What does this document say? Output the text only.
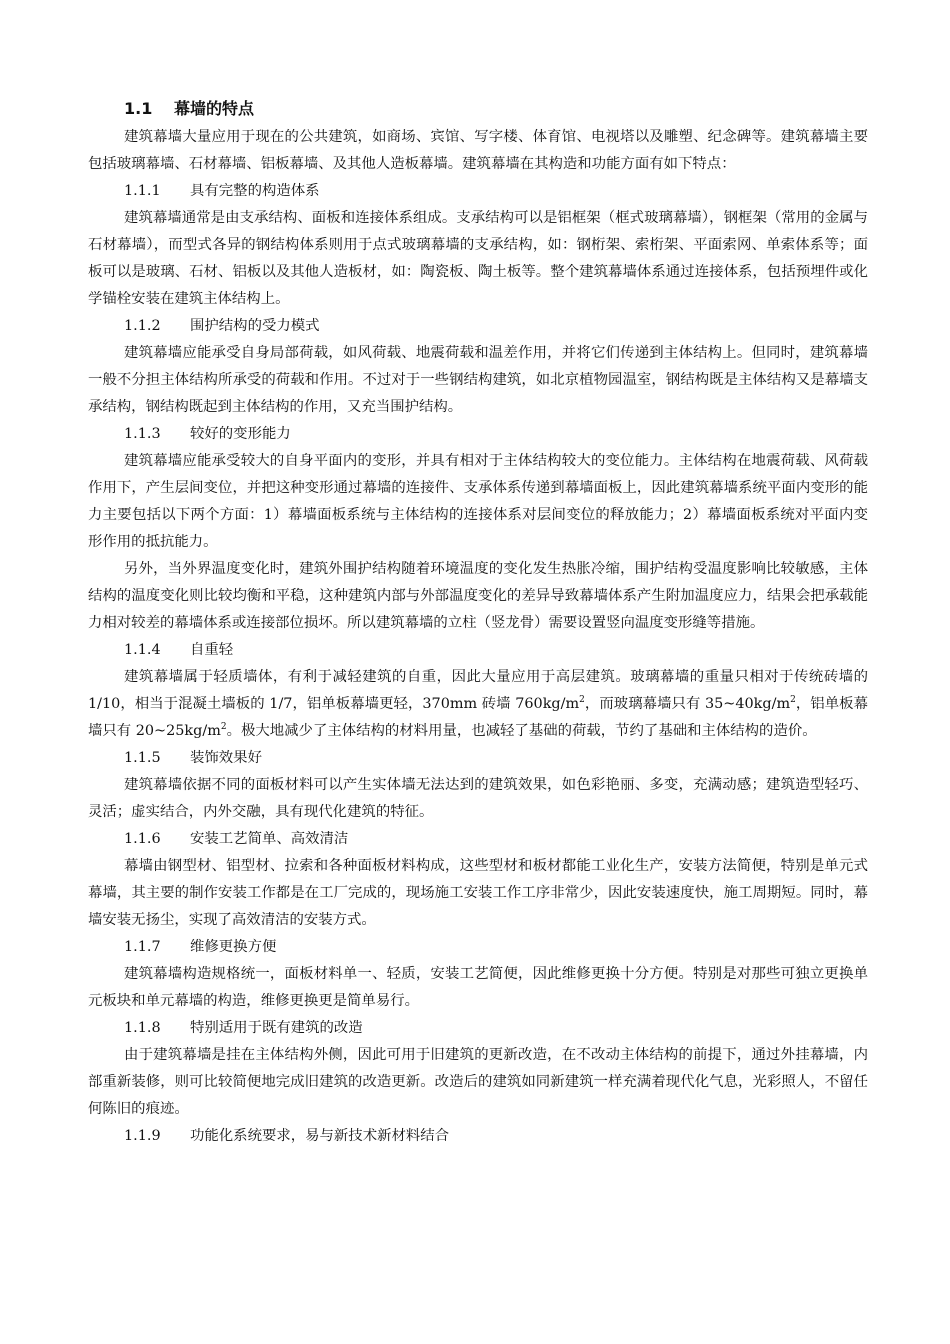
1.1 幕墙的特点

建筑幕墙大量应用于现在的公共建筑，如商场、宾馆、写字楼、体育馆、电视塔以及雕塑、纪念碑等。建筑幕墙主要包括玻璃幕墙、石材幕墙、铝板幕墙、及其他人造板幕墙。建筑幕墙在其构造和功能方面有如下特点：

1.1.1 具有完整的构造体系

建筑幕墙通常是由支承结构、面板和连接体系组成。支承结构可以是铝框架（框式玻璃幕墙），钢框架（常用的金属与石材幕墙），而型式各异的钢结构体系则用于点式玻璃幕墙的支承结构，如：钢桁架、索桁架、平面索网、单索体系等；面板可以是玻璃、石材、铝板以及其他人造板材，如：陶瓷板、陶土板等。整个建筑幕墙体系通过连接体系，包括预埋件或化学锚栓安装在建筑主体结构上。

1.1.2 围护结构的受力模式

建筑幕墙应能承受自身局部荷载，如风荷载、地震荷载和温差作用，并将它们传递到主体结构上。但同时，建筑幕墙一般不分担主体结构所承受的荷载和作用。不过对于一些钢结构建筑，如北京植物园温室，钢结构既是主体结构又是幕墙支承结构，钢结构既起到主体结构的作用，又充当围护结构。

1.1.3 较好的变形能力

建筑幕墙应能承受较大的自身平面内的变形，并具有相对于主体结构较大的变位能力。主体结构在地震荷载、风荷载作用下，产生层间变位，并把这种变形通过幕墙的连接件、支承体系传递到幕墙面板上，因此建筑幕墙系统平面内变形的能力主要包括以下两个方面：1）幕墙面板系统与主体结构的连接体系对层间变位的释放能力；2）幕墙面板系统对平面内变形作用的抵抗能力。

另外，当外界温度变化时，建筑外围护结构随着环境温度的变化发生热胀冷缩，围护结构受温度影响比较敏感，主体结构的温度变化则比较均衡和平稳，这种建筑内部与外部温度变化的差异导致幕墙体系产生附加温度应力，结果会把承载能力相对较差的幕墙体系或连接部位损坏。所以建筑幕墙的立柱（竖龙骨）需要设置竖向温度变形缝等措施。

1.1.4 自重轻

建筑幕墙属于轻质墙体，有利于减轻建筑的自重，因此大量应用于高层建筑。玻璃幕墙的重量只相对于传统砖墙的 1/10，相当于混凝土墙板的 1/7，铝单板幕墙更轻，370mm 砖墙 $760kg/m^2$，而玻璃幕墙只有 $35\sim 40kg/m^2$，铝单板幕墙只有 $20\sim 25kg/m^2$。极大地减少了主体结构的材料用量，也减轻了基础的荷载，节约了基础和主体结构的造价。

1.1.5 装饰效果好

建筑幕墙依据不同的面板材料可以产生实体墙无法达到的建筑效果，如色彩艳丽、多变，充满动感；建筑造型轻巧、灵活；虚实结合，内外交融，具有现代化建筑的特征。

1.1.6 安装工艺简单、高效清洁

幕墙由钢型材、铝型材、拉索和各种面板材料构成，这些型材和板材都能工业化生产，安装方法简便，特别是单元式幕墙，其主要的制作安装工作都是在工厂完成的，现场施工安装工作工序非常少，因此安装速度快，施工周期短。同时，幕墙安装无扬尘，实现了高效清洁的安装方式。

1.1.7 维修更换方便

建筑幕墙构造规格统一，面板材料单一、轻质，安装工艺简便，因此维修更换十分方便。特别是对那些可独立更换单元板块和单元幕墙的构造，维修更换更是简单易行。

1.1.8 特别适用于既有建筑的改造

由于建筑幕墙是挂在主体结构外侧，因此可用于旧建筑的更新改造，在不改动主体结构的前提下，通过外挂幕墙，内部重新装修，则可比较简便地完成旧建筑的改造更新。改造后的建筑如同新建筑一样充满着现代化气息，光彩照人，不留任何陈旧的痕迹。

1.1.9 功能化系统要求，易与新技术新材料结合
